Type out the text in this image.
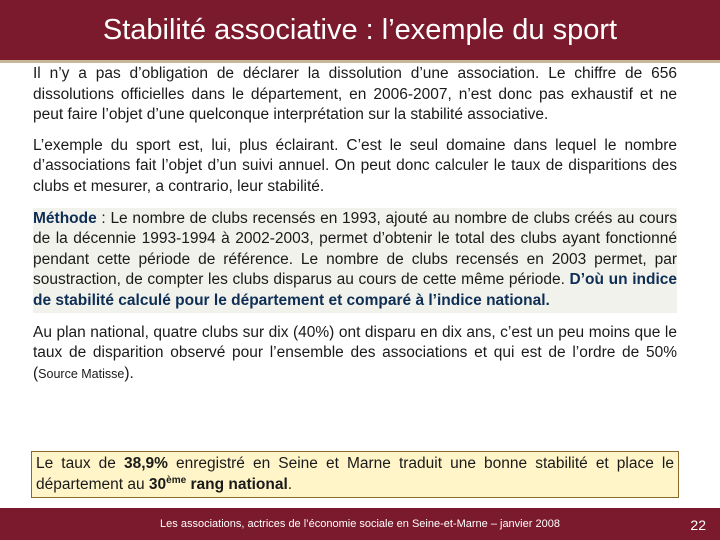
Stabilité associative : l’exemple du sport

Il n’y a pas d’obligation de déclarer la dissolution d’une association. Le chiffre de 656 dissolutions officielles dans le département, en 2006-2007, n’est donc pas exhaustif et ne peut faire l’objet d’une quelconque interprétation sur la stabilité associative.

L’exemple du sport est, lui, plus éclairant. C’est le seul domaine dans lequel le nombre d’associations fait l’objet d’un suivi annuel. On peut donc calculer le taux de disparitions des clubs et mesurer, a contrario, leur stabilité.

Méthode : Le nombre de clubs recensés en 1993, ajouté au nombre de clubs créés au cours de la décennie 1993-1994 à 2002-2003, permet d’obtenir le total des clubs ayant fonctionné pendant cette période de référence. Le nombre de clubs recensés en 2003 permet, par soustraction, de compter les clubs disparus au cours de cette même période. D’où un indice de stabilité calculé pour le département et comparé à l’indice national.

Au plan national, quatre clubs sur dix (40%) ont disparu en dix ans, c’est un peu moins que le taux de disparition observé pour l’ensemble des associations et qui est de l’ordre de 50% (Source Matisse).

Le taux de 38,9% enregistré en Seine et Marne traduit une bonne stabilité et place le département au 30ème rang national.
Les associations, actrices de l’économie sociale en Seine-et-Marne – janvier 2008	22
